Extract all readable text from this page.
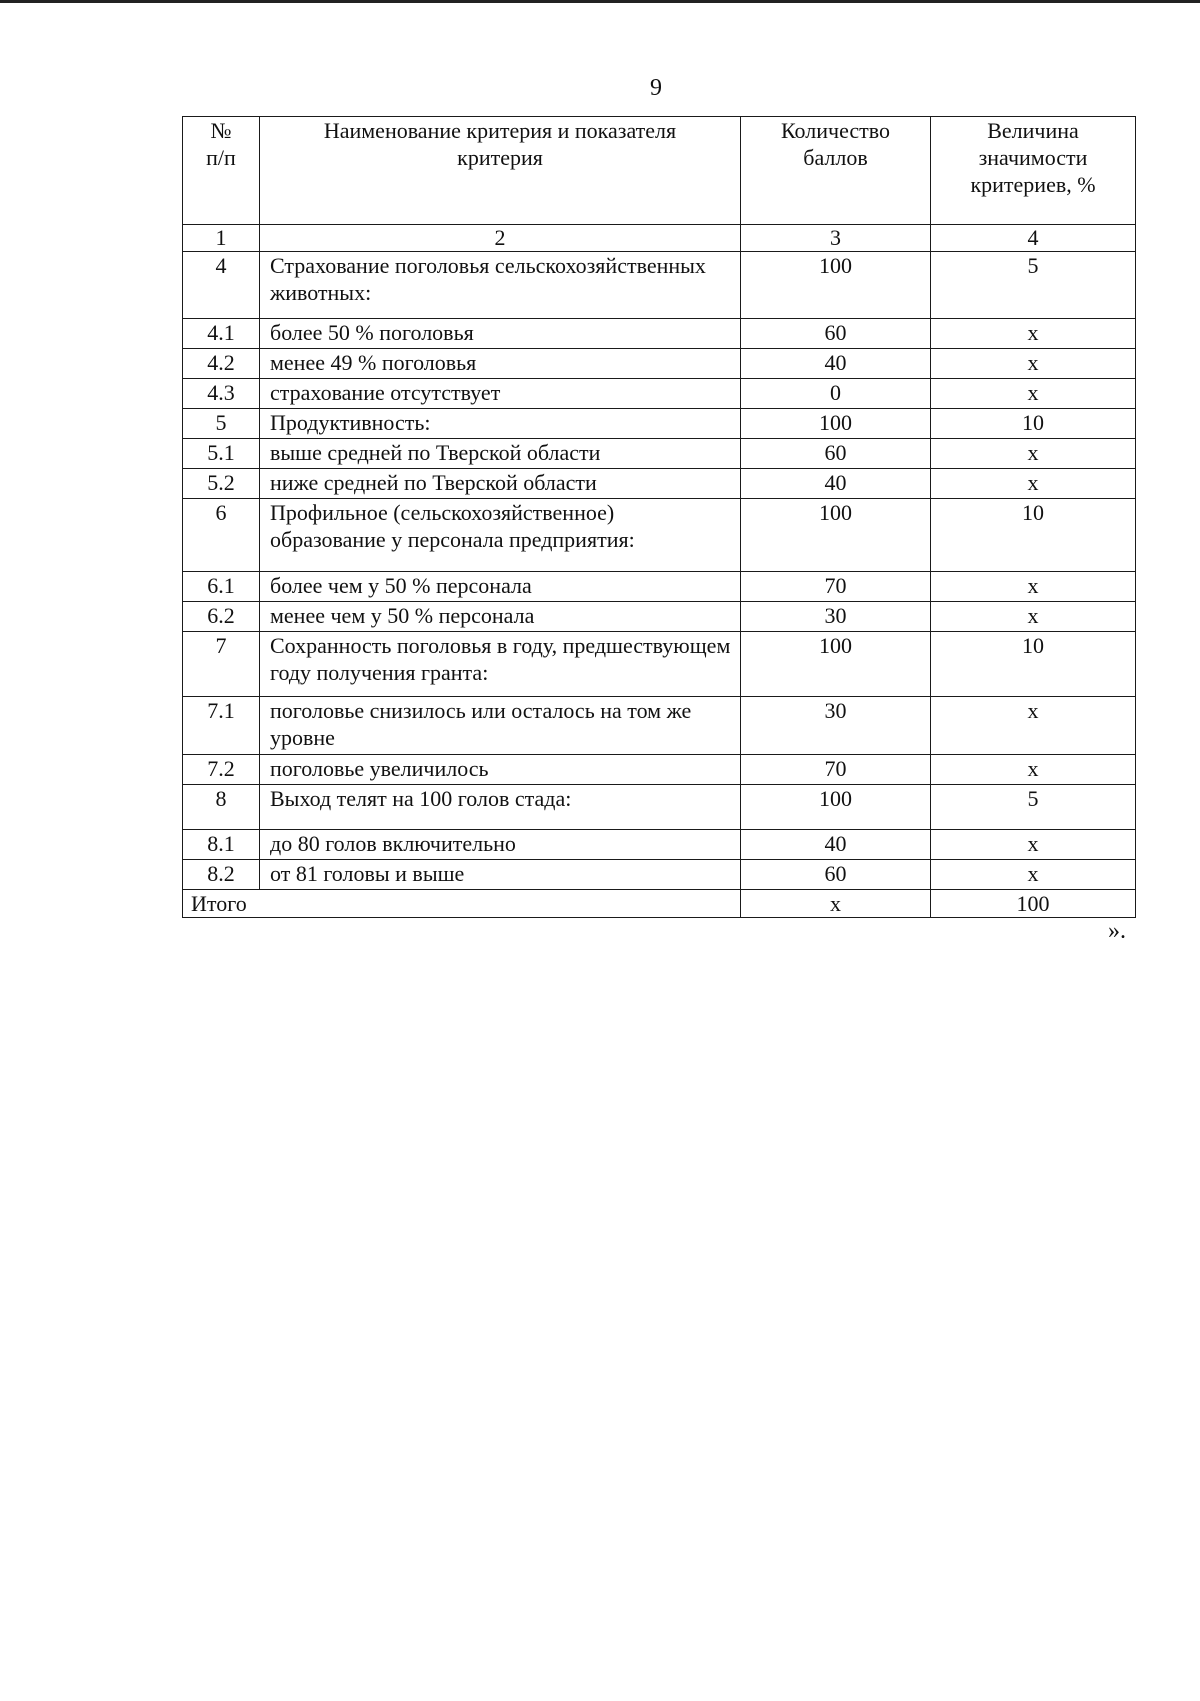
9
№ п/п	Наименование критерия и показателя критерия	Количество баллов	Величина значимости критериев, %
1	2	3	4
4	Страхование поголовья сельскохозяйственных животных:	100	5
4.1	более 50 % поголовья	60	х
4.2	менее 49 % поголовья	40	х
4.3	страхование отсутствует	0	х
5	Продуктивность:	100	10
5.1	выше средней по Тверской области	60	х
5.2	ниже средней по Тверской области	40	х
6	Профильное (сельскохозяйственное) образование у персонала предприятия:	100	10
6.1	более чем у 50 % персонала	70	х
6.2	менее чем у 50 % персонала	30	х
7	Сохранность поголовья в году, предшествующем году получения гранта:	100	10
7.1	поголовье снизилось или осталось на том же уровне	30	х
7.2	поголовье увеличилось	70	х
8	Выход телят на 100 голов стада:	100	5
8.1	до 80 голов включительно	40	х
8.2	от 81 головы и выше	60	х
Итого		х	100
».
